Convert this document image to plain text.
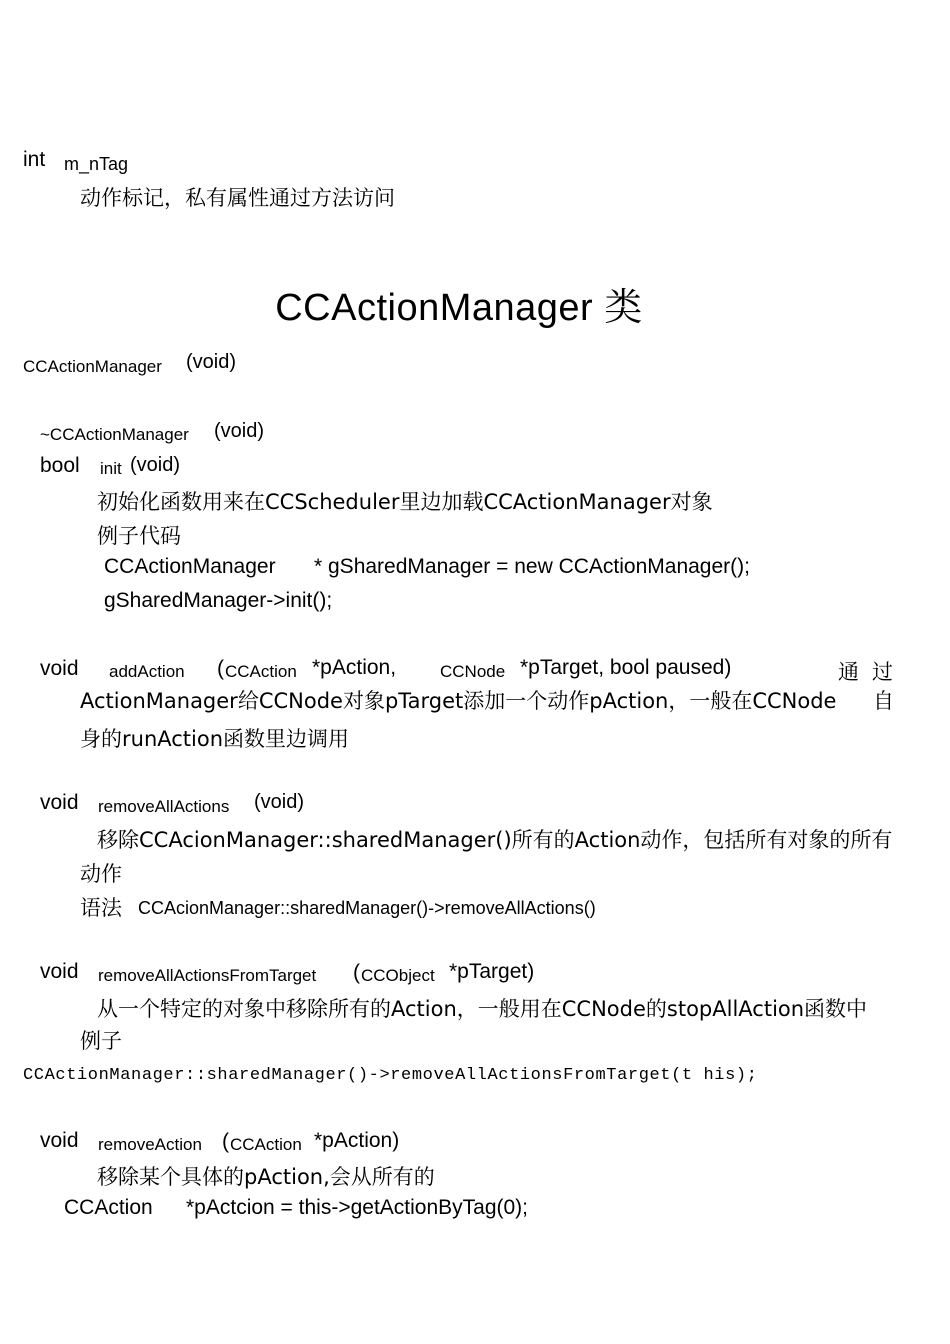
int m_nTag
动作标记，私有属性通过方法访问
CCActionManager 类
CCActionManager (void)
~CCActionManager (void)
bool init (void)
初始化函数用来在CCScheduler里边加载CCActionManager对象
例子代码
CCActionManager * gSharedManager = new CCActionManager();
gSharedManager->init();
void addAction ( CCAction *pAction,	CCNode *pTarget, bool paused)	通 过
ActionManager给CCNode对象pTarget添加一个动作pAction，一般在CCNode 自
身的runAction函数里边调用
void removeAllActions (void)
移除CCAcionManager::sharedManager()所有的Action动作，包括所有对象的所有
动作
语法 CCAcionManager::sharedManager()->removeAllActions()
void removeAllActionsFromTarget ( CCObject *pTarget)
从一个特定的对象中移除所有的Action，一般用在CCNode的stopAllAction函数中
例子
CCActionManager::sharedManager()->removeAllActionsFromTarget(t his);
void removeAction ( CCAction *pAction)
移除某个具体的pAction,会从所有的
CCAction *pActcion = this->getActionByTag(0);
